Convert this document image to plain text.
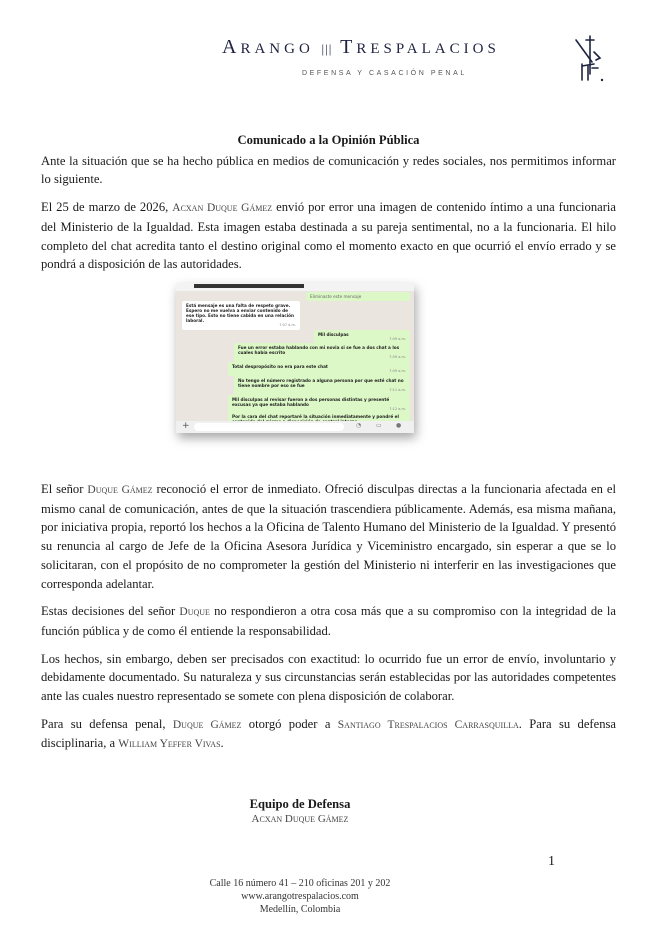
ARANGO ||| TRESPALACIOS
DEFENSA Y CASACIÓN PENAL
Comunicado a la Opinión Pública

Ante la situación que se ha hecho pública en medios de comunicación y redes sociales, nos permitimos informar lo siguiente.

El 25 de marzo de 2026, Acxan Duque Gámez envió por error una imagen de contenido íntimo a una funcionaria del Ministerio de la Igualdad. Esta imagen estaba destinada a su pareja sentimental, no a la funcionaria. El hilo completo del chat acredita tanto el destino original como el momento exacto en que ocurrió el envío errado y se pondrá a disposición de las autoridades.

Eliminaste este mensaje
Está mensaje es una falta de respeto grave. Espero no me vuelva a enviar contenido de ese tipo. Esto no tiene cabida en una relación laboral.
7:07 a.m.
Mil disculpas
7:09 a.m.
Fue un error estaba hablando con mi novia si se fue a dos chat a los cuales había escrito
7:09 a.m.
Total despropósito no era para este chat
7:09 a.m.
No tengo el número registrado a alguna persona por que esté chat no tiene nombre por eso se fue
7:11 a.m.
Mil disculpas al revisar fueron a dos personas distintas y presenté excusas ya que estaba hablando
7:12 a.m.
Por la cara del chat reportaré la situación inmediatamente y pondré el
+	◔ ▭ ●

El señor Duque Gámez reconoció el error de inmediato. Ofreció disculpas directas a la funcionaria afectada en el mismo canal de comunicación, antes de que la situación trascendiera públicamente. Además, esa misma mañana, por iniciativa propia, reportó los hechos a la Oficina de Talento Humano del Ministerio de la Igualdad. Y presentó su renuncia al cargo de Jefe de la Oficina Asesora Jurídica y Viceministro encargado, sin esperar a que se lo solicitaran, con el propósito de no comprometer la gestión del Ministerio ni interferir en las investigaciones que corresponda adelantar.

Estas decisiones del señor Duque no respondieron a otra cosa más que a su compromiso con la integridad de la función pública y de como él entiende la responsabilidad.

Los hechos, sin embargo, deben ser precisados con exactitud: lo ocurrido fue un error de envío, involuntario y debidamente documentado. Su naturaleza y sus circunstancias serán establecidas por las autoridades competentes ante las cuales nuestro representado se somete con plena disposición de colaborar.

Para su defensa penal, Duque Gámez otorgó poder a Santiago Trespalacios Carrasquilla. Para su defensa disciplinaria, a William Yeffer Vivas.

Equipo de Defensa
Acxan Duque Gámez
1
Calle 16 número 41 – 210 oficinas 201 y 202
www.arangotrespalacios.com
Medellín, Colombia
